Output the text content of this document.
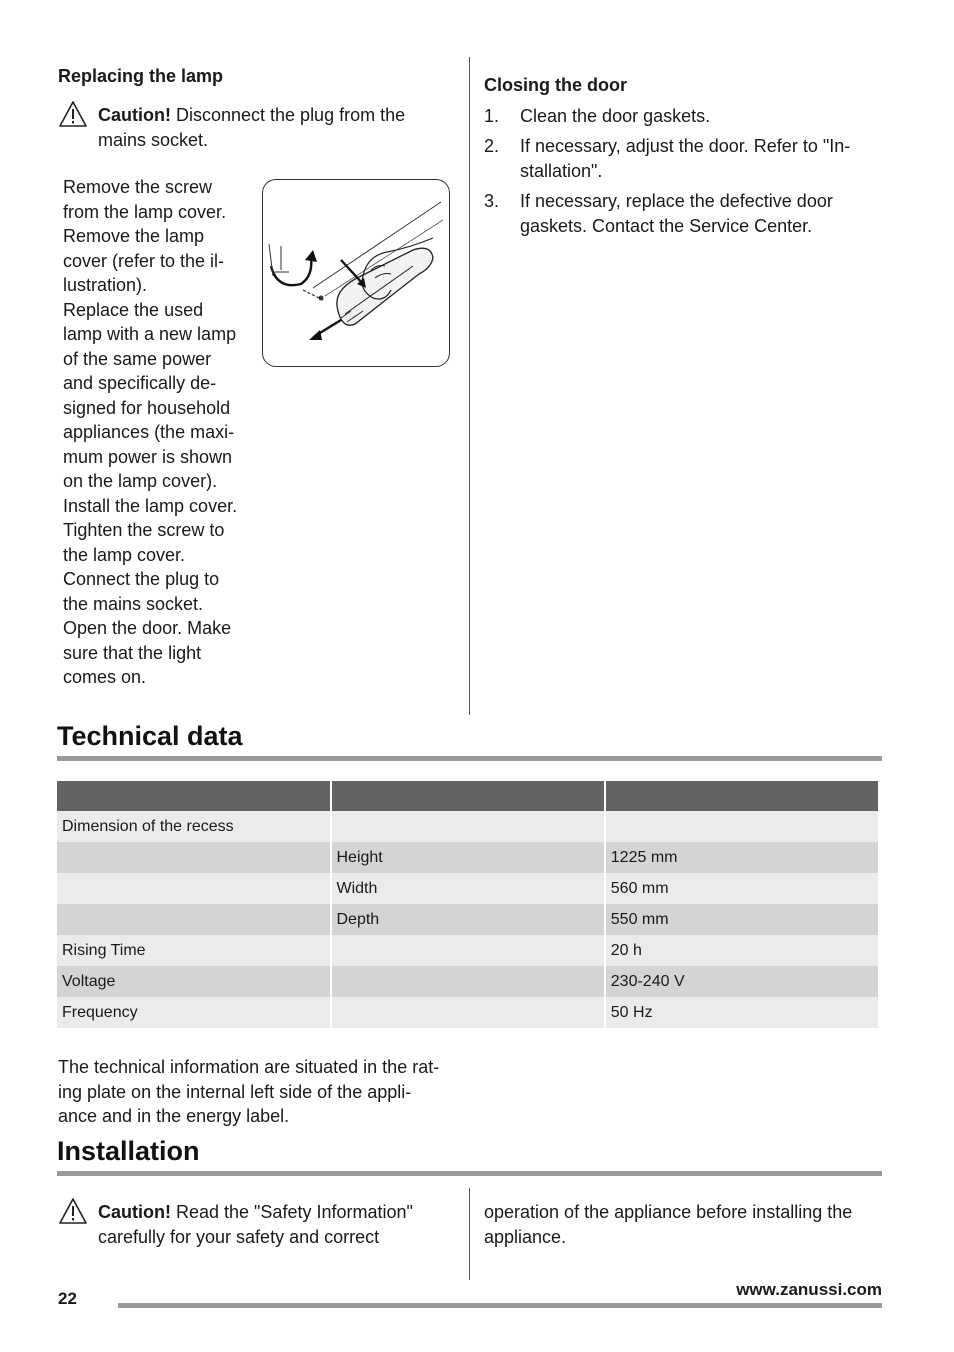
Replacing the lamp
Caution! Disconnect the plug from the mains socket.
Remove the screw
from the lamp cover.
Remove the lamp
cover (refer to the il-
lustration).
Replace the used
lamp with a new lamp
of the same power
and specifically de-
signed for household
appliances (the maxi-
mum power is shown
on the lamp cover).
Install the lamp cover.
Tighten the screw to
the lamp cover.
Connect the plug to
the mains socket.
Open the door. Make
sure that the light
comes on.
Closing the door
1.	Clean the door gaskets.
2.	If necessary, adjust the door. Refer to "In-
stallation".
3.	If necessary, replace the defective door
gaskets. Contact the Service Center.
Technical data

Dimension of the recess		
	Height	1225 mm
	Width	560 mm
	Depth	550 mm
Rising Time		20 h
Voltage		230-240 V
Frequency		50 Hz
The technical information are situated in the rat-
ing plate on the internal left side of the appli-
ance and in the energy label.
Installation
Caution! Read the "Safety Information"
carefully for your safety and correct
operation of the appliance before installing the
appliance.
22	www.zanussi.com
